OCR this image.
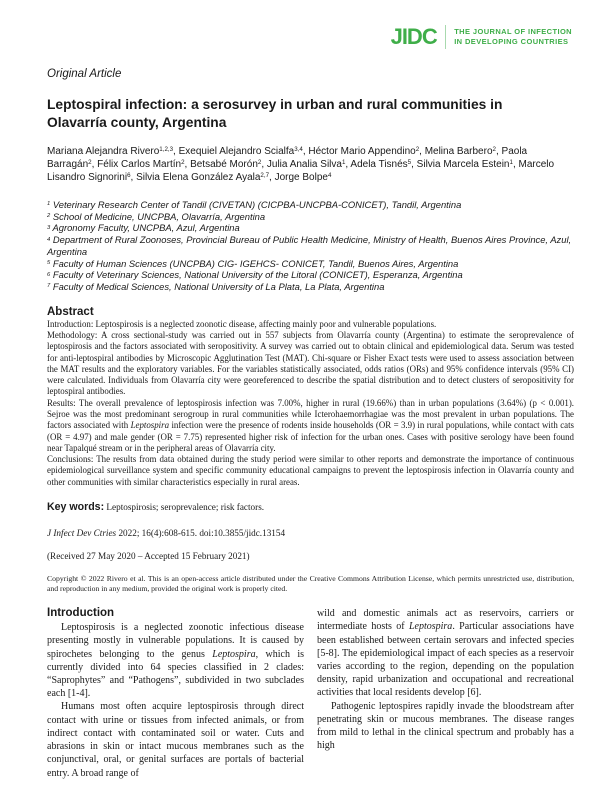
JIDC THE JOURNAL OF INFECTION
IN DEVELOPING COUNTRIES
Original Article
Leptospiral infection: a serosurvey in urban and rural communities in Olavarría county, Argentina
Mariana Alejandra Rivero$^{1,2,3}$, Exequiel Alejandro Scialfa$^{3,4}$, Héctor Mario Appendino$^2$, Melina Barbero$^2$, Paola Barragán$^2$, Félix Carlos Martín$^2$, Betsabé Morón$^2$, Julia Analia Silva$^1$, Adela Tisnés$^5$, Silvia Marcela Estein$^1$, Marcelo Lisandro Signorini$^6$, Silvia Elena González Ayala$^{2,7}$, Jorge Bolpe$^4$
$^1$ Veterinary Research Center of Tandil (CIVETAN) (CICPBA-UNCPBA-CONICET), Tandil, Argentina
$^2$ School of Medicine, UNCPBA, Olavarría, Argentina
$^3$ Agronomy Faculty, UNCPBA, Azul, Argentina
$^4$ Department of Rural Zoonoses, Provincial Bureau of Public Health Medicine, Ministry of Health, Buenos Aires Province, Azul, Argentina
$^5$ Faculty of Human Sciences (UNCPBA) CIG- IGEHCS- CONICET, Tandil, Buenos Aires, Argentina
$^6$ Faculty of Veterinary Sciences, National University of the Litoral (CONICET), Esperanza, Argentina
$^7$ Faculty of Medical Sciences, National University of La Plata, La Plata, Argentina
Abstract

Introduction: Leptospirosis is a neglected zoonotic disease, affecting mainly poor and vulnerable populations.

Methodology: A cross sectional-study was carried out in 557 subjects from Olavarría county (Argentina) to estimate the seroprevalence of leptospirosis and the factors associated with seropositivity. A survey was carried out to obtain clinical and epidemiological data. Serum was tested for anti-leptospiral antibodies by Microscopic Agglutination Test (MAT). Chi-square or Fisher Exact tests were used to assess association between the MAT results and the exploratory variables. For the variables statistically associated, odds ratios (ORs) and 95% confidence intervals (95% CI) were calculated. Individuals from Olavarría city were georeferenced to describe the spatial distribution and to detect clusters of seropositivity for leptospiral antibodies.

Results: The overall prevalence of leptospirosis infection was 7.00%, higher in rural (19.66%) than in urban populations (3.64%) (p < 0.001). Sejroe was the most predominant serogroup in rural communities while Icterohaemorrhagiae was the most prevalent in urban populations. The factors associated with Leptospira infection were the presence of rodents inside households (OR = 3.9) in rural populations, while contact with cats (OR = 4.97) and male gender (OR = 7.75) represented higher risk of infection for the urban ones. Cases with positive serology have been found near Tapalqué stream or in the peripheral areas of Olavarría city.

Conclusions: The results from data obtained during the study period were similar to other reports and demonstrate the importance of continuous epidemiological surveillance system and specific community educational campaigns to prevent the leptospirosis infection in Olavarría county and other communities with similar characteristics especially in rural areas.

Key words: Leptospirosis; seroprevalence; risk factors.
J Infect Dev Ctries 2022; 16(4):608-615. doi:10.3855/jidc.13154
(Received 27 May 2020 – Accepted 15 February 2021)
Copyright © 2022 Rivero et al. This is an open-access article distributed under the Creative Commons Attribution License, which permits unrestricted use, distribution, and reproduction in any medium, provided the original work is properly cited.
Introduction

Leptospirosis is a neglected zoonotic infectious disease presenting mostly in vulnerable populations. It is caused by spirochetes belonging to the genus Leptospira, which is currently divided into 64 species classified in 2 clades: “Saprophytes” and “Pathogens”, subdivided in two subclades each [1-4].

Humans most often acquire leptospirosis through direct contact with urine or tissues from infected animals, or from indirect contact with contaminated soil or water. Cuts and abrasions in skin or intact mucous membranes such as the conjunctival, oral, or genital surfaces are portals of bacterial entry. A broad range of

wild and domestic animals act as reservoirs, carriers or intermediate hosts of Leptospira. Particular associations have been established between certain serovars and infected species [5-8]. The epidemiological impact of each species as a reservoir varies according to the region, depending on the population density, rapid urbanization and occupational and recreational activities that local residents develop [6].

Pathogenic leptospires rapidly invade the bloodstream after penetrating skin or mucous membranes. The disease ranges from mild to lethal in the clinical spectrum and probably has a high
